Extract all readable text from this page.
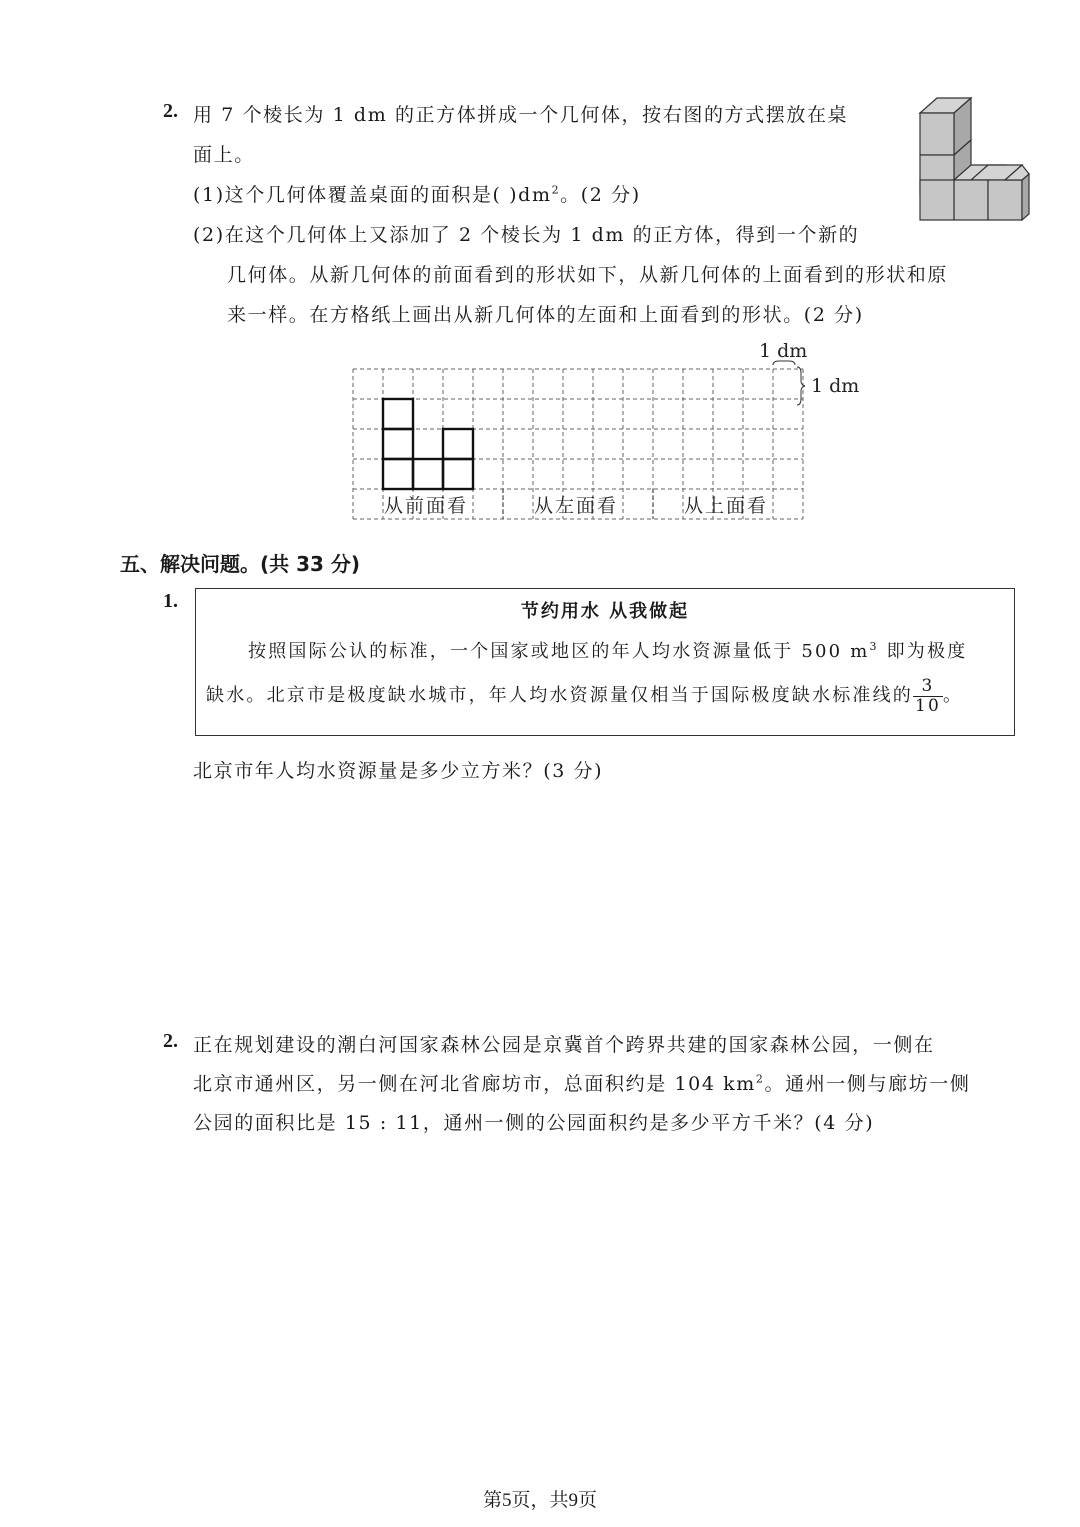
2. 用 7 个棱长为 1 dm 的正方体拼成一个几何体，按右图的方式摆放在桌
面上。
(1)这个几何体覆盖桌面的面积是( )$dm^2$。(2 分)
(2)在这个几何体上又添加了 2 个棱长为 1 dm 的正方体，得到一个新的
几何体。从新几何体的前面看到的形状如下，从新几何体的上面看到的形状和原
来一样。在方格纸上画出从新几何体的左面和上面看到的形状。(2 分)
1 dm
1 dm
从前面看	从左面看	从上面看
五、解决问题。(共 33 分)
1.	节约用水 从我做起
按照国际公认的标准，一个国家或地区的年人均水资源量低于 500 $m^3$ 即为极度
缺水。北京市是极度缺水城市，年人均水资源量仅相当于国际极度缺水标准线的 $\frac{3}{10}$ 。
北京市年人均水资源量是多少立方米？(3 分)
2. 正在规划建设的潮白河国家森林公园是京冀首个跨界共建的国家森林公园，一侧在
北京市通州区，另一侧在河北省廊坊市，总面积约是 104 $km^2$。通州一侧与廊坊一侧
公园的面积比是 15 : 11，通州一侧的公园面积约是多少平方千米？(4 分)
第5页，共9页
